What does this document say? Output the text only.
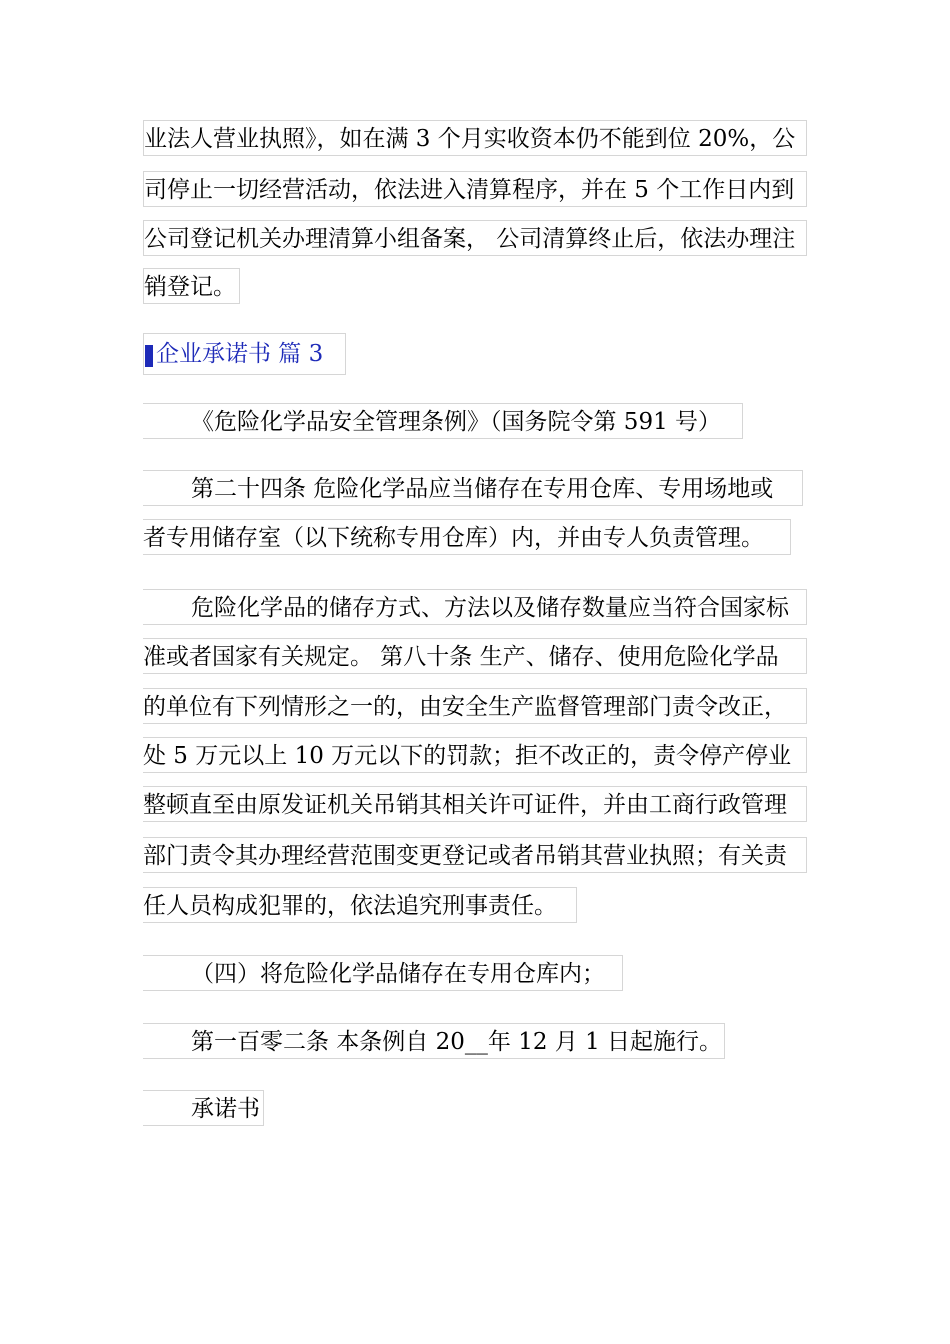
业法人营业执照》，如在满 3 个月实收资本仍不能到位 20%，公
司停止一切经营活动，依法进入清算程序，并在 5 个工作日内到
公司登记机关办理清算小组备案， 公司清算终止后，依法办理注
销登记。
企业承诺书 篇 3
《危险化学品安全管理条例》（国务院令第 591 号）
第二十四条 危险化学品应当储存在专用仓库、专用场地或
者专用储存室（以下统称专用仓库）内，并由专人负责管理。
危险化学品的储存方式、方法以及储存数量应当符合国家标
准或者国家有关规定。 第八十条 生产、储存、使用危险化学品
的单位有下列情形之一的，由安全生产监督管理部门责令改正，
处 5 万元以上 10 万元以下的罚款；拒不改正的，责令停产停业
整顿直至由原发证机关吊销其相关许可证件，并由工商行政管理
部门责令其办理经营范围变更登记或者吊销其营业执照；有关责
任人员构成犯罪的，依法追究刑事责任。
（四）将危险化学品储存在专用仓库内；
第一百零二条 本条例自 20__年 12 月 1 日起施行。
承诺书
